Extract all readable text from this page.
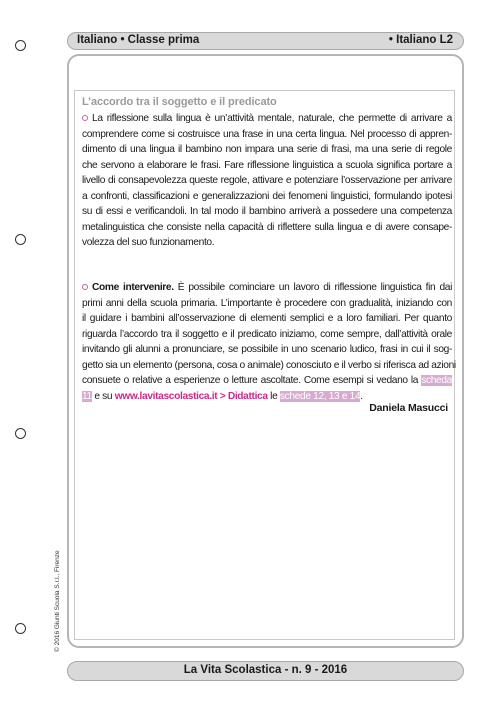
Italiano • Classe prima	• Italiano L2
L’accordo tra il soggetto e il predicato
La riflessione sulla lingua è un’attività mentale, naturale, che permette di arrivare a
comprendere come si costruisce una frase in una certa lingua. Nel processo di appren-
dimento di una lingua il bambino non impara una serie di frasi, ma una serie di regole
che servono a elaborare le frasi. Fare riflessione linguistica a scuola significa portare a
livello di consapevolezza queste regole, attivare e potenziare l’osservazione per arrivare
a confronti, classificazioni e generalizzazioni dei fenomeni linguistici, formulando ipotesi
su di essi e verificandoli. In tal modo il bambino arriverà a possedere una competenza
metalinguistica che consiste nella capacità di riflettere sulla lingua e di avere consape-
volezza del suo funzionamento.
Come intervenire. È possibile cominciare un lavoro di riflessione linguistica fin dai
primi anni della scuola primaria. L’importante è procedere con gradualità, iniziando con
il guidare i bambini all’osservazione di elementi semplici e a loro familiari. Per quanto
riguarda l’accordo tra il soggetto e il predicato iniziamo, come sempre, dall’attività orale
invitando gli alunni a pronunciare, se possibile in uno scenario ludico, frasi in cui il sog-
getto sia un elemento (persona, cosa o animale) conosciuto e il verbo si riferisca ad azioni
consuete o relative a esperienze o letture ascoltate. Come esempi si vedano la scheda
11 e su www.lavitascolastica.it > Didattica le schede 12, 13 e 14.
Daniela Masucci
© 2016 Giunti Scuola S.r.l., Firenze
La Vita Scolastica - n. 9 - 2016
